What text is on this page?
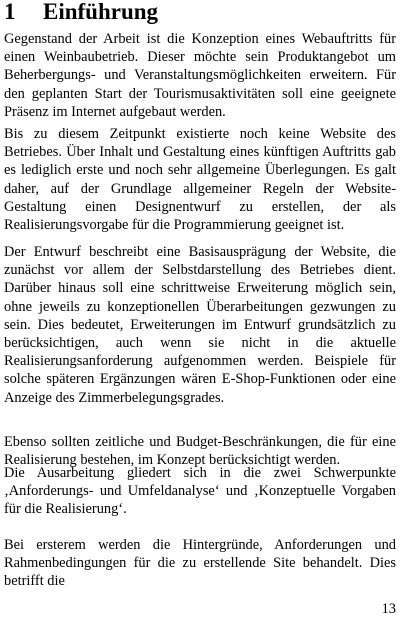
1 Einführung

Gegenstand der Arbeit ist die Konzeption eines Webauftritts für einen Weinbaubetrieb. Dieser möchte sein Produktangebot um Beherbergungs- und Veranstaltungsmöglichkeiten erweitern. Für den geplanten Start der Tourismusaktivitäten soll eine geeignete Präsenz im Internet aufgebaut werden.

Bis zu diesem Zeitpunkt existierte noch keine Website des Betriebes. Über Inhalt und Gestaltung eines künftigen Auftritts gab es lediglich erste und noch sehr allgemeine Überlegungen. Es galt daher, auf der Grundlage allgemeiner Regeln der Website-Gestaltung einen Designentwurf zu erstellen, der als Realisierungsvorgabe für die Programmierung geeignet ist.

Der Entwurf beschreibt eine Basisausprägung der Website, die zunächst vor allem der Selbstdarstellung des Betriebes dient. Darüber hinaus soll eine schrittweise Erweiterung möglich sein, ohne jeweils zu konzeptionellen Überarbeitungen gezwungen zu sein. Dies bedeutet, Erweiterungen im Entwurf grundsätzlich zu berücksichtigen, auch wenn sie nicht in die aktuelle Realisierungsanforderung aufgenommen werden. Beispiele für solche späteren Ergänzungen wären E-Shop-Funktionen oder eine Anzeige des Zimmerbelegungsgrades.

Ebenso sollten zeitliche und Budget-Beschränkungen, die für eine Realisierung bestehen, im Konzept berücksichtigt werden.

Die Ausarbeitung gliedert sich in die zwei Schwerpunkte ‚Anforderungs- und Umfeldanalyse‘ und ‚Konzeptuelle Vorgaben für die Realisierung‘.

Bei ersterem werden die Hintergründe, Anforderungen und Rahmenbedingungen für die zu erstellende Site behandelt. Dies betrifft die

13
